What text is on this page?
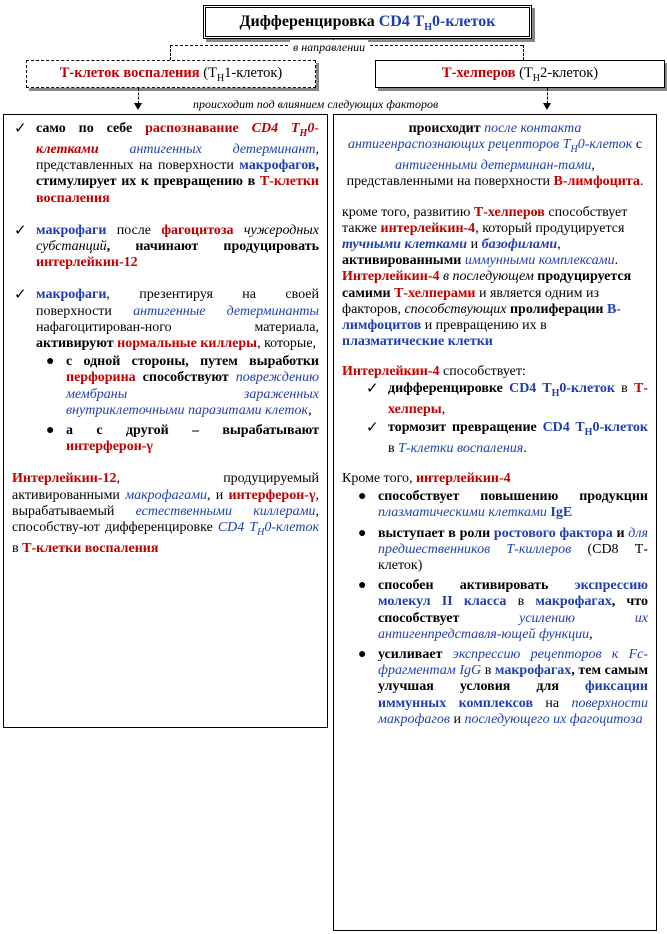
Дифференцировка CD4 $T_H0$-клеток
в направлении
Т-клеток воспаления $(T_H1-клеток)$	Т-хелперов $(T_H2-клеток)$
происходит под влиянием следующих факторов
✓ само по себе распознавание CD4 $T_H0$-клетками антигенных детерминант, представленных на поверхности макрофагов, стимулирует их к превращению в Т-клетки воспаления
✓ макрофаги после фагоцитоза чужеродных субстанций, начинают продуцировать интерлейкин-12
✓ макрофаги, презентируя на своей поверхности антигенные детерминанты нафагоцитирован-ного материала, активируют нормальные киллеры, которые,
● с одной стороны, путем выработки перфорина способствуют повреждению мембраны зараженных внутриклеточными паразитами клеток,
● а с другой – вырабатывают интерферон-γ

Интерлейкин-12, продуцируемый активированными макрофагами, и интерферон-γ, вырабатываемый естественными киллерами, способству-ют дифференцировке CD4 $T_H0$-клеток в Т-клетки воспаления

происходит после контакта антигенраспознающих рецепторов $T_H0$-клеток с антигенными детерминан-тами, представленными на поверхности В-лимфоцита.

кроме того, развитию Т-хелперов способствует также интерлейкин-4, который продуцируется тучными клетками и базофилами, активированными иммунными комплексами. Интерлейкин-4 в последующем продуцируется самими Т-хелперами и является одним из факторов, способствующих пролиферации В-лимфоцитов и превращению их в плазматические клетки

Интерлейкин-4 способствует:
✓ дифференцировке CD4 $T_H0$-клеток в Т-хелперы,
✓ тормозит превращение CD4 $T_H0$-клеток в Т-клетки воспаления.
Кроме того, интерлейкин-4
● способствует повышению продукции плазматическими клетками IgE
● выступает в роли ростового фактора и для предшественников Т-киллеров (CD8 Т-клеток)
● способен активировать экспрессию молекул II класса в макрофагах, что способствует усилению их антигенпредставля-ющей функции,
● усиливает экспрессию рецепторов к Fc-фрагментам IgG в макрофагах, тем самым улучшая условия для фиксации иммунных комплексов на поверхности макрофагов и последующего их фагоцитоза
